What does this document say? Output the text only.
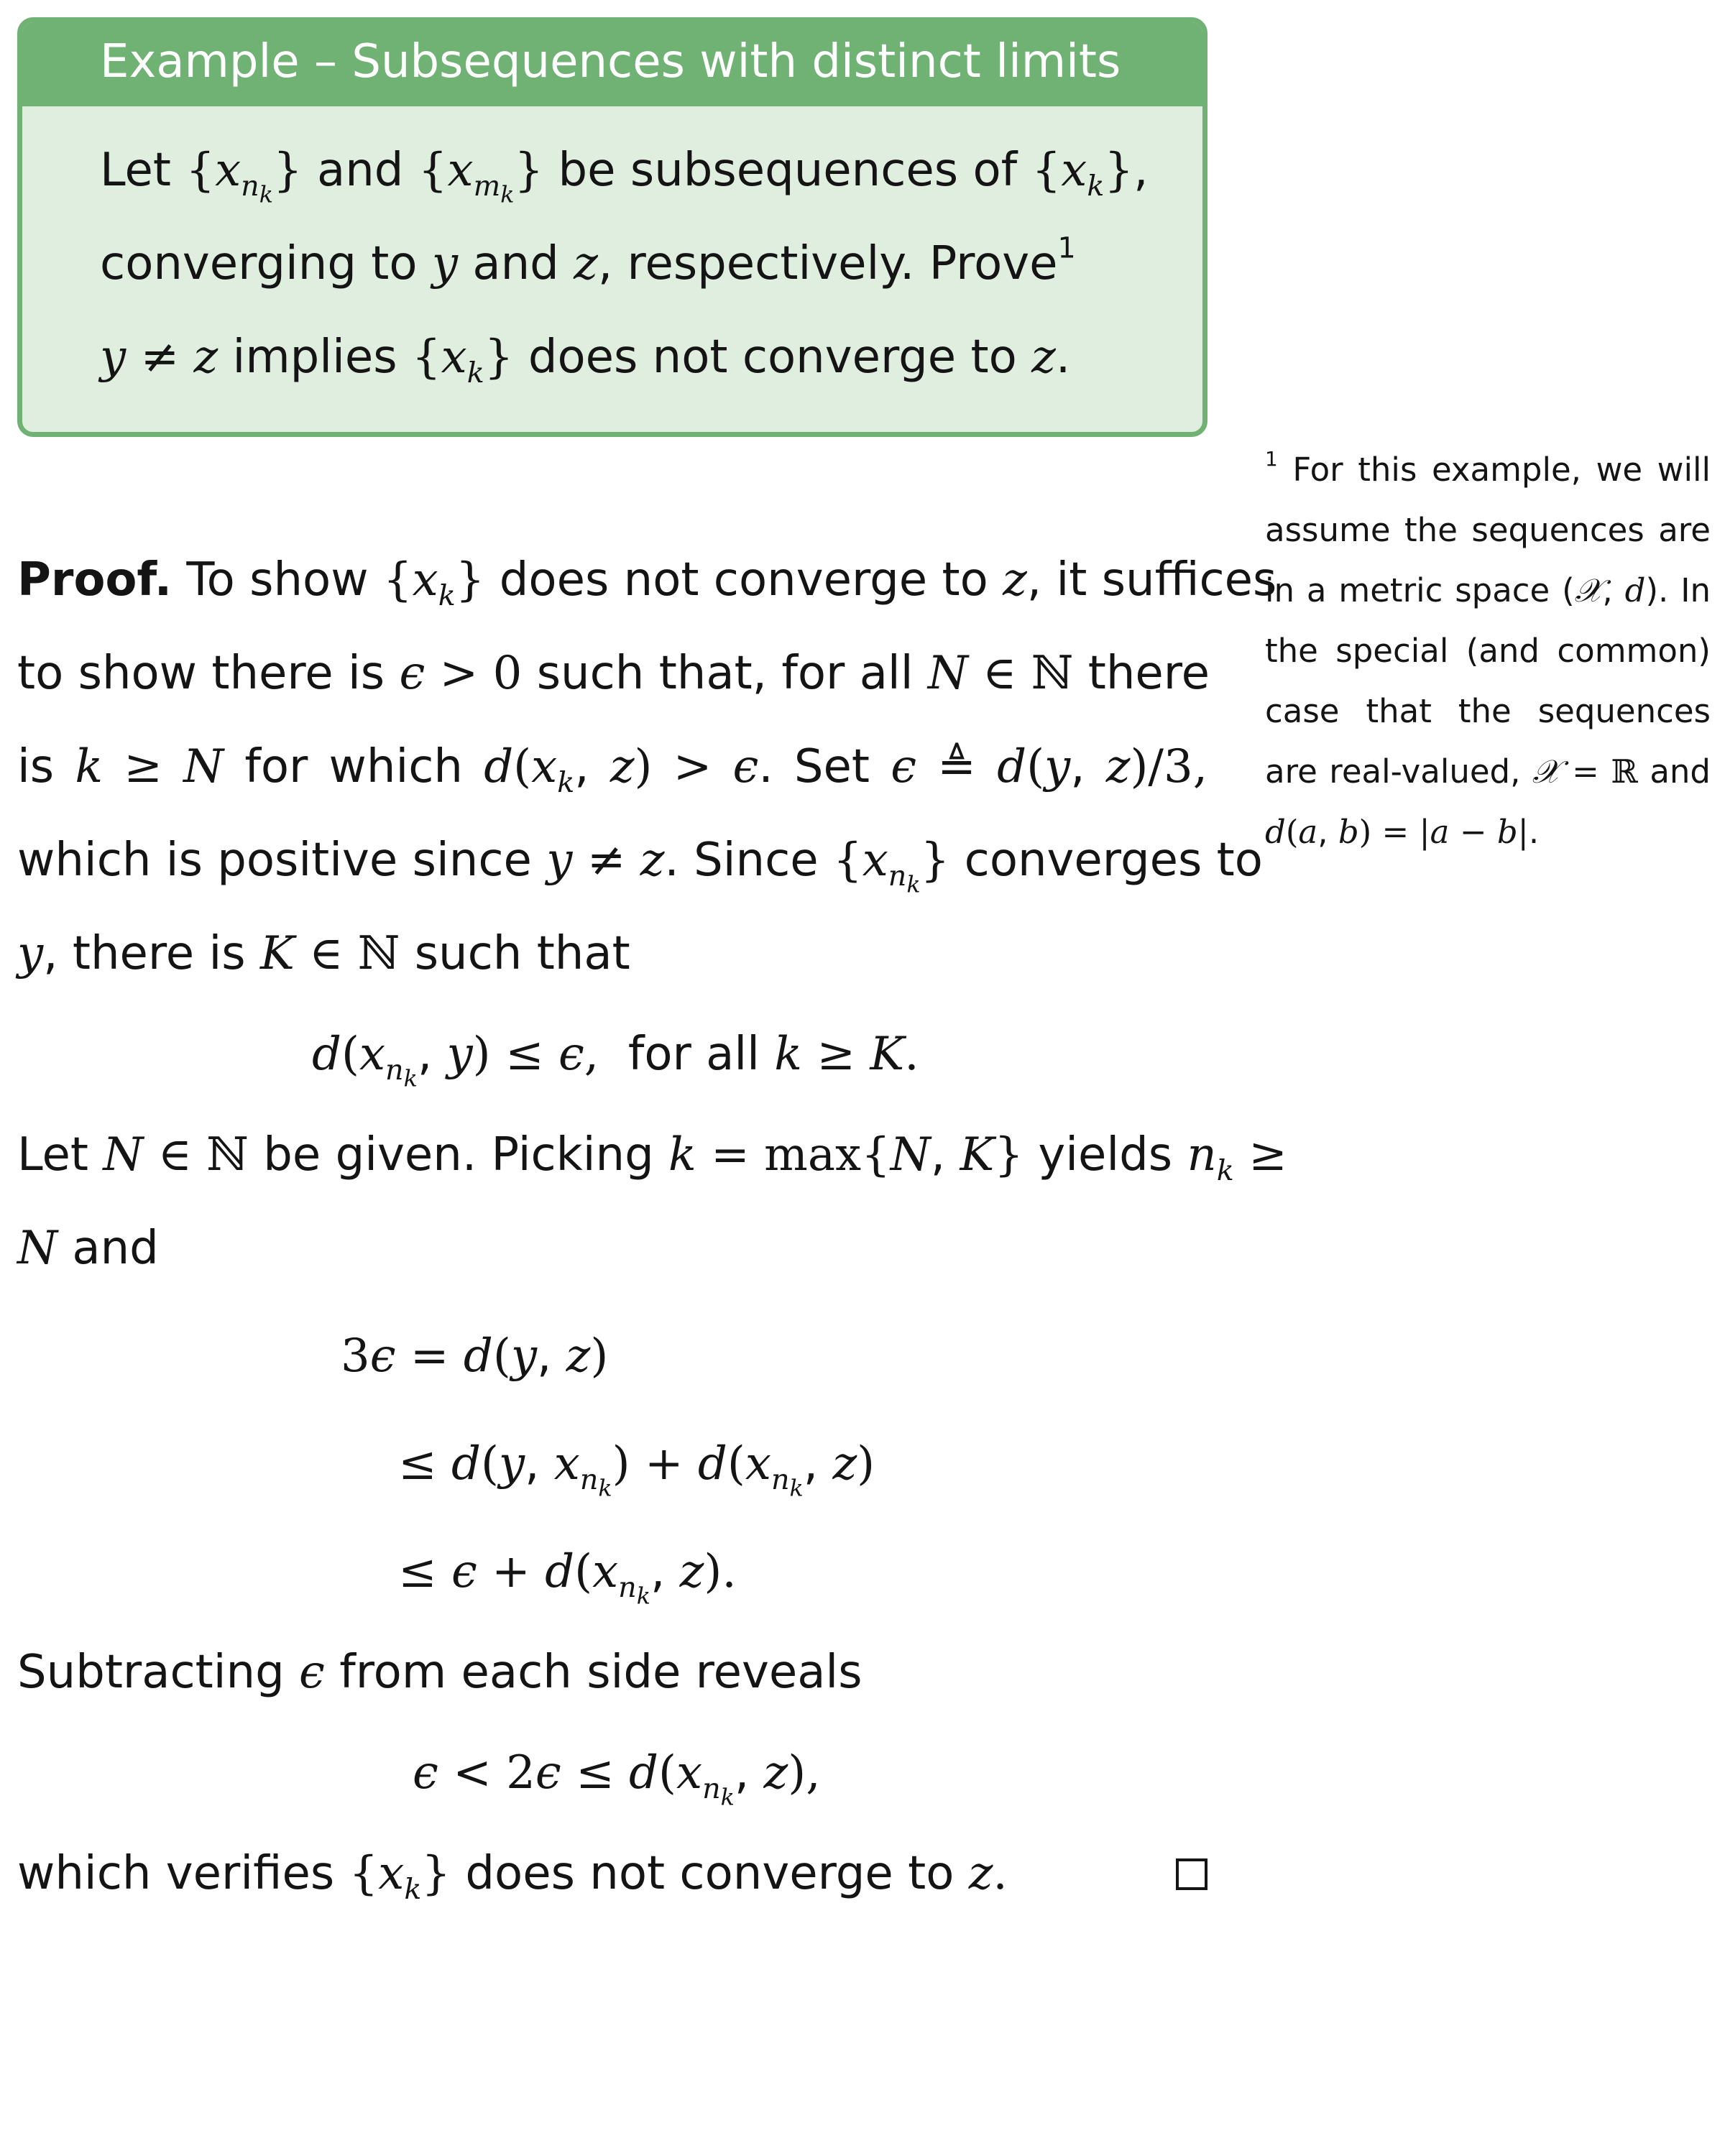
Example – Subsequences with distinct limits
Let $\{x_{n_k}\}$ and $\{x_{m_k}\}$ be subsequences of $\{x_k\}$,
converging to y and z, respectively. Prove$^1$
y ≠ z implies $\{x_k\}$ does not converge to z.
$^1$ For this example, we will assume the sequences are in a metric space (𝒳, d). In the special (and common) case that the sequences are real-valued, 𝒳 = ℝ and d(a, b) = |a − b|.
Proof. To show $\{x_k\}$ does not converge to z, it suffices
to show there is ϵ > 0 such that, for all N ∈ ℕ there
is k ≥ N for which $d(x_k$, z) > ϵ. Set ϵ ≜ d(y, z)/3,
which is positive since y ≠ z. Since $\{x_{n_k}\}$ converges to
y, there is K ∈ ℕ such that
$d(x_{n_k}$, y) ≤ ϵ,  for all k ≥ K.
Let N ∈ ℕ be given. Picking k = max{N, K} yields $n_k$ ≥
N and
3ϵ = d(y, z)
≤ d(y, $x_{n_k}) + d(x_{n_k}$, z)
≤ $\epsilon + d(x_{n_k}$, z).
Subtracting ϵ from each side reveals
$\epsilon < 2\epsilon \le d(x_{n_k}$, z),
which verifies $\{x_k\}$ does not converge to z.
